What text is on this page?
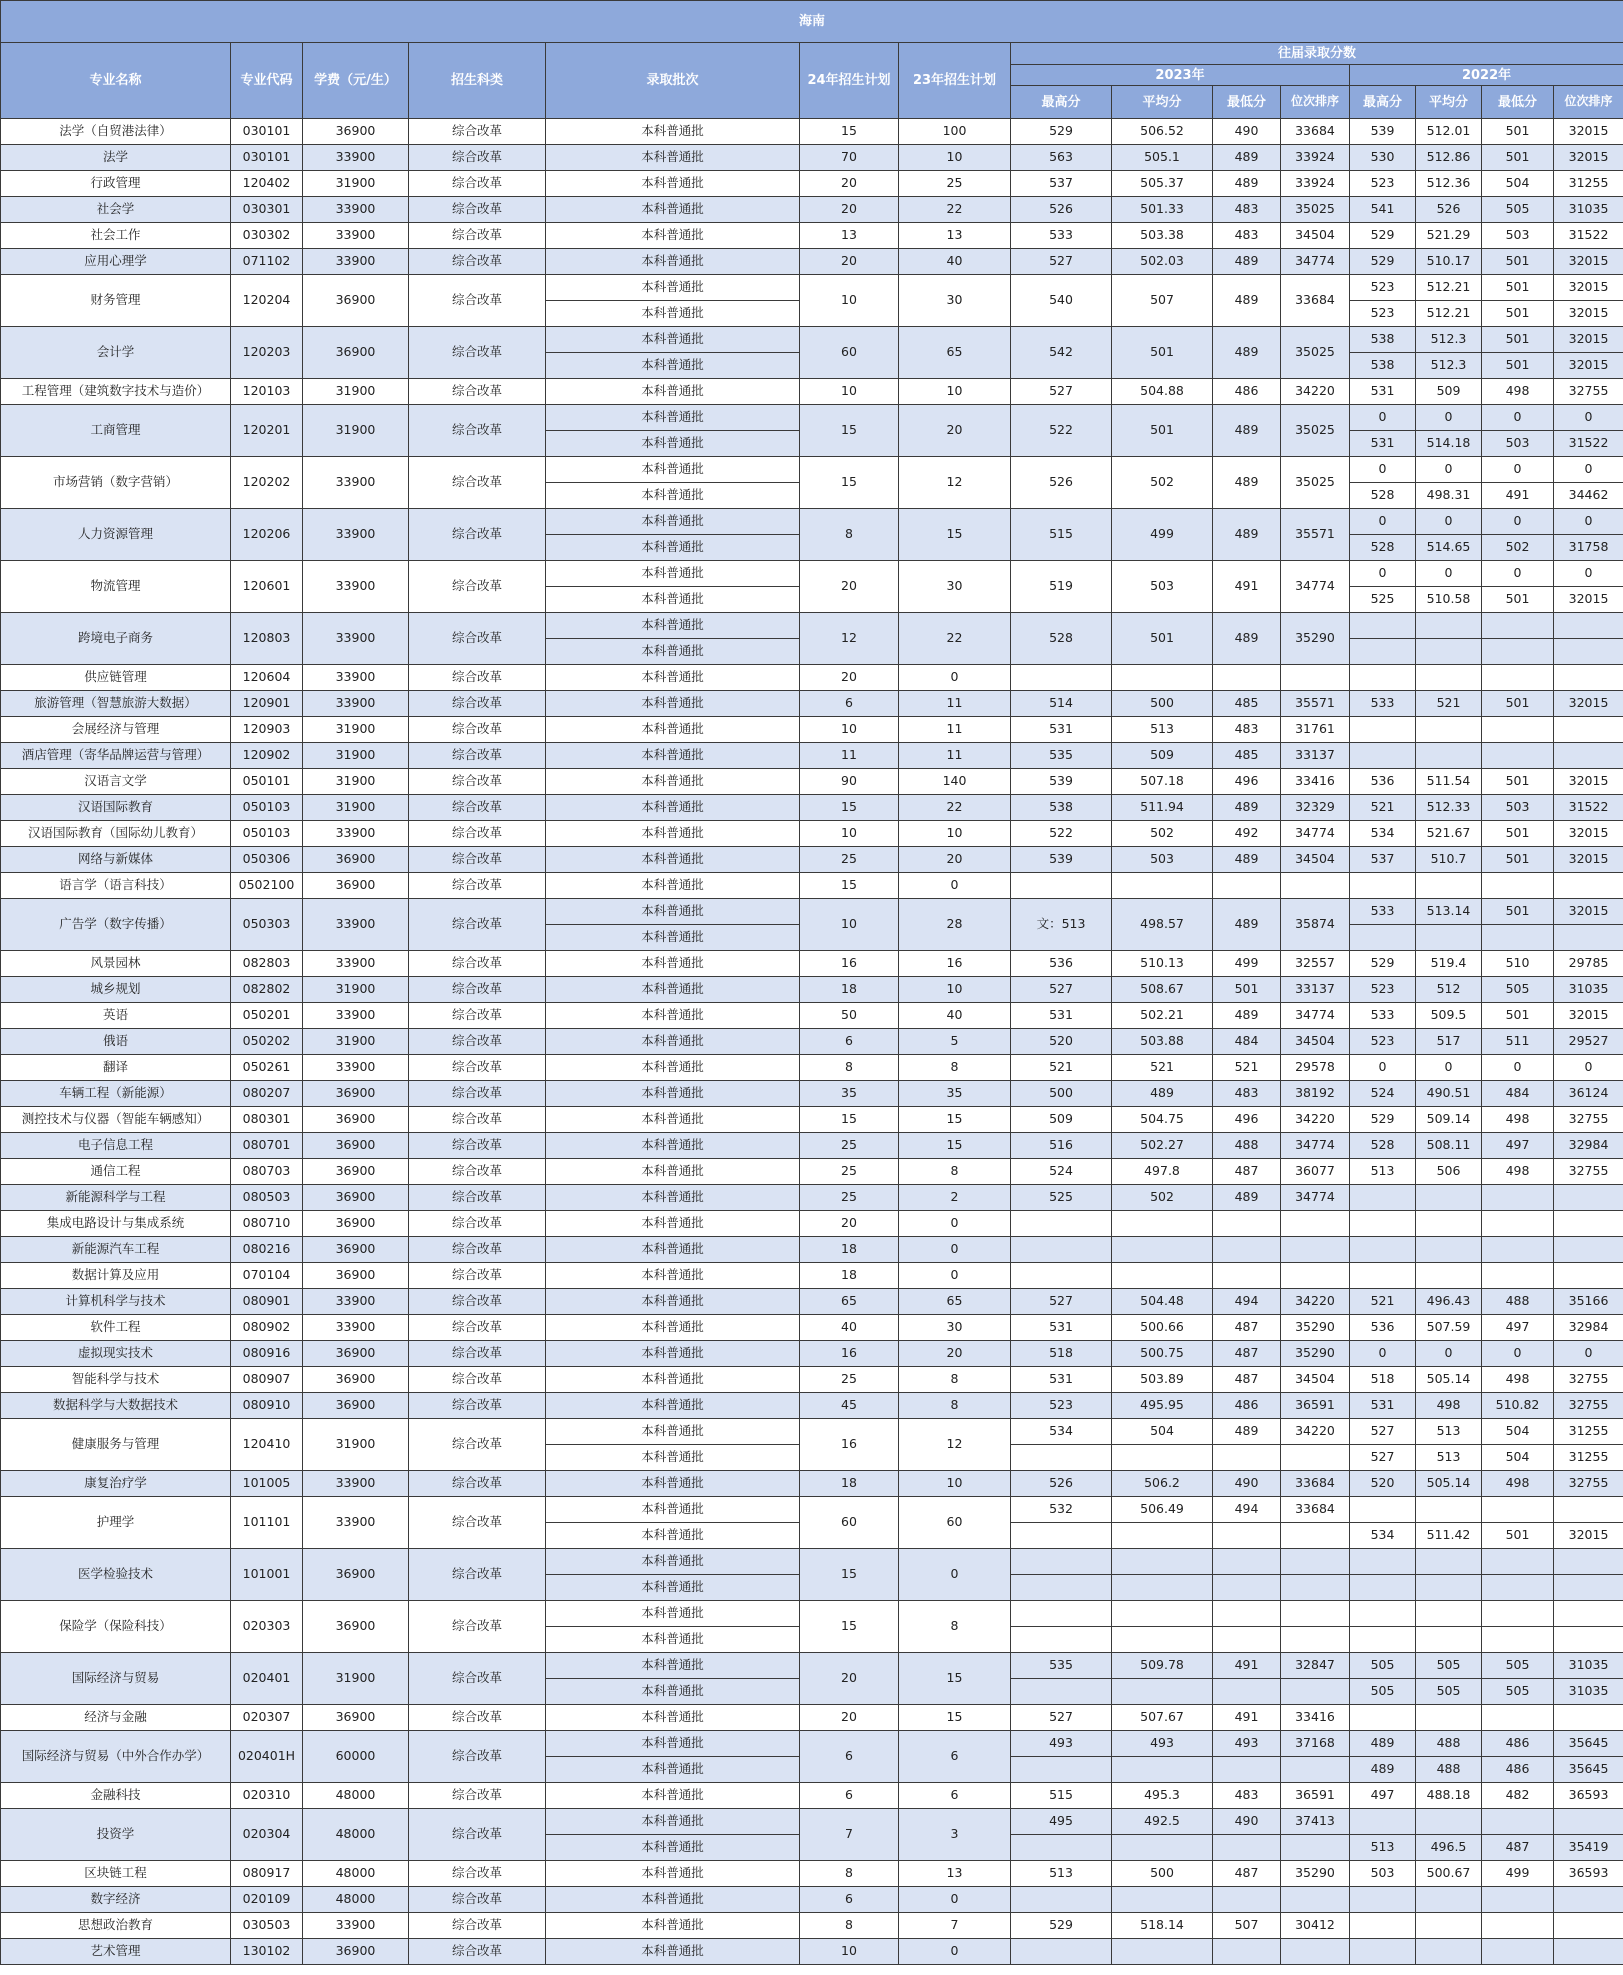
海南														
专业名称	专业代码	学费（元/生）	招生科类	录取批次	24年招生计划	23年招生计划	往届录取分数							
							2023年				2022年			
							最高分	平均分	最低分	位次排序	最高分	平均分	最低分	位次排序
法学（自贸港法律）	030101	36900	综合改革	本科普通批	15	100	529	506.52	490	33684	539	512.01	501	32015
法学	030101	33900	综合改革	本科普通批	70	10	563	505.1	489	33924	530	512.86	501	32015
行政管理	120402	31900	综合改革	本科普通批	20	25	537	505.37	489	33924	523	512.36	504	31255
社会学	030301	33900	综合改革	本科普通批	20	22	526	501.33	483	35025	541	526	505	31035
社会工作	030302	33900	综合改革	本科普通批	13	13	533	503.38	483	34504	529	521.29	503	31522
应用心理学	071102	33900	综合改革	本科普通批	20	40	527	502.03	489	34774	529	510.17	501	32015
财务管理	120204	36900	综合改革	本科普通批	10	30	540	507	489	33684	523	512.21	501	32015
				本科普通批							523	512.21	501	32015
会计学	120203	36900	综合改革	本科普通批	60	65	542	501	489	35025	538	512.3	501	32015
				本科普通批							538	512.3	501	32015
工程管理（建筑数字技术与造价）	120103	31900	综合改革	本科普通批	10	10	527	504.88	486	34220	531	509	498	32755
工商管理	120201	31900	综合改革	本科普通批	15	20	522	501	489	35025	0	0	0	0
				本科普通批							531	514.18	503	31522
市场营销（数字营销）	120202	33900	综合改革	本科普通批	15	12	526	502	489	35025	0	0	0	0
				本科普通批							528	498.31	491	34462
人力资源管理	120206	33900	综合改革	本科普通批	8	15	515	499	489	35571	0	0	0	0
				本科普通批							528	514.65	502	31758
物流管理	120601	33900	综合改革	本科普通批	20	30	519	503	491	34774	0	0	0	0
				本科普通批							525	510.58	501	32015
跨境电子商务	120803	33900	综合改革	本科普通批	12	22	528	501	489	35290				
				本科普通批										
供应链管理	120604	33900	综合改革	本科普通批	20	0								
旅游管理（智慧旅游大数据）	120901	33900	综合改革	本科普通批	6	11	514	500	485	35571	533	521	501	32015
会展经济与管理	120903	31900	综合改革	本科普通批	10	11	531	513	483	31761				
酒店管理（寄华品牌运营与管理）	120902	31900	综合改革	本科普通批	11	11	535	509	485	33137				
汉语言文学	050101	31900	综合改革	本科普通批	90	140	539	507.18	496	33416	536	511.54	501	32015
汉语国际教育	050103	31900	综合改革	本科普通批	15	22	538	511.94	489	32329	521	512.33	503	31522
汉语国际教育（国际幼儿教育）	050103	33900	综合改革	本科普通批	10	10	522	502	492	34774	534	521.67	501	32015
网络与新媒体	050306	36900	综合改革	本科普通批	25	20	539	503	489	34504	537	510.7	501	32015
语言学（语言科技）	0502100	36900	综合改革	本科普通批	15	0								
广告学（数字传播）	050303	33900	综合改革	本科普通批	10	28	文：513	498.57	489	35874	533	513.14	501	32015
				本科普通批										
风景园林	082803	33900	综合改革	本科普通批	16	16	536	510.13	499	32557	529	519.4	510	29785
城乡规划	082802	31900	综合改革	本科普通批	18	10	527	508.67	501	33137	523	512	505	31035
英语	050201	33900	综合改革	本科普通批	50	40	531	502.21	489	34774	533	509.5	501	32015
俄语	050202	31900	综合改革	本科普通批	6	5	520	503.88	484	34504	523	517	511	29527
翻译	050261	33900	综合改革	本科普通批	8	8	521	521	521	29578	0	0	0	0
车辆工程（新能源）	080207	36900	综合改革	本科普通批	35	35	500	489	483	38192	524	490.51	484	36124
测控技术与仪器（智能车辆感知）	080301	36900	综合改革	本科普通批	15	15	509	504.75	496	34220	529	509.14	498	32755
电子信息工程	080701	36900	综合改革	本科普通批	25	15	516	502.27	488	34774	528	508.11	497	32984
通信工程	080703	36900	综合改革	本科普通批	25	8	524	497.8	487	36077	513	506	498	32755
新能源科学与工程	080503	36900	综合改革	本科普通批	25	2	525	502	489	34774				
集成电路设计与集成系统	080710	36900	综合改革	本科普通批	20	0								
新能源汽车工程	080216	36900	综合改革	本科普通批	18	0								
数据计算及应用	070104	36900	综合改革	本科普通批	18	0								
计算机科学与技术	080901	33900	综合改革	本科普通批	65	65	527	504.48	494	34220	521	496.43	488	35166
软件工程	080902	33900	综合改革	本科普通批	40	30	531	500.66	487	35290	536	507.59	497	32984
虚拟现实技术	080916	36900	综合改革	本科普通批	16	20	518	500.75	487	35290	0	0	0	0
智能科学与技术	080907	36900	综合改革	本科普通批	25	8	531	503.89	487	34504	518	505.14	498	32755
数据科学与大数据技术	080910	36900	综合改革	本科普通批	45	8	523	495.95	486	36591	531	498	510.82	32755
健康服务与管理	120410	31900	综合改革	本科普通批	16	12	534	504	489	34220	527	513	504	31255
				本科普通批							527	513	504	31255
康复治疗学	101005	33900	综合改革	本科普通批	18	10	526	506.2	490	33684	520	505.14	498	32755
护理学	101101	33900	综合改革	本科普通批	60	60	532	506.49	494	33684				
				本科普通批							534	511.42	501	32015
医学检验技术	101001	36900	综合改革	本科普通批	15	0								
				本科普通批										
保险学（保险科技）	020303	36900	综合改革	本科普通批	15	8								
				本科普通批										
国际经济与贸易	020401	31900	综合改革	本科普通批	20	15	535	509.78	491	32847	505	505	505	31035
				本科普通批							505	505	505	31035
经济与金融	020307	36900	综合改革	本科普通批	20	15	527	507.67	491	33416				
国际经济与贸易（中外合作办学）	020401H	60000	综合改革	本科普通批	6	6	493	493	493	37168	489	488	486	35645
				本科普通批							489	488	486	35645
金融科技	020310	48000	综合改革	本科普通批	6	6	515	495.3	483	36591	497	488.18	482	36593
投资学	020304	48000	综合改革	本科普通批	7	3	495	492.5	490	37413				
				本科普通批							513	496.5	487	35419
区块链工程	080917	48000	综合改革	本科普通批	8	13	513	500	487	35290	503	500.67	499	36593
数字经济	020109	48000	综合改革	本科普通批	6	0								
思想政治教育	030503	33900	综合改革	本科普通批	8	7	529	518.14	507	30412				
艺术管理	130102	36900	综合改革	本科普通批	10	0								
